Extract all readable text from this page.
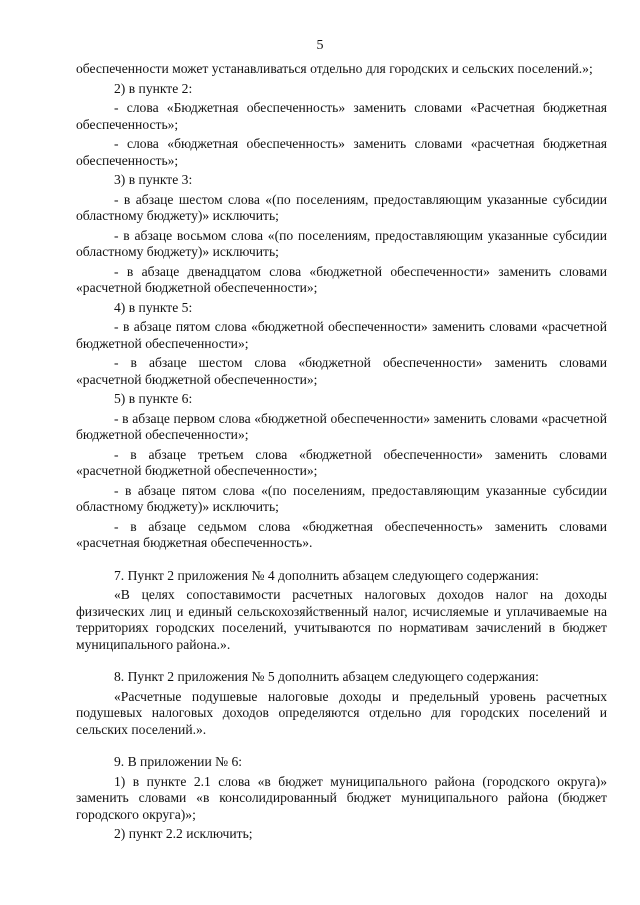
5

обеспеченности может устанавливаться отдельно для городских и сельских поселений.»;

2) в пункте 2:

- слова «Бюджетная обеспеченность» заменить словами «Расчетная бюджетная обеспеченность»;

- слова «бюджетная обеспеченность» заменить словами «расчетная бюджетная обеспеченность»;

3) в пункте 3:

- в абзаце шестом слова «(по поселениям, предоставляющим указанные субсидии областному бюджету)» исключить;

- в абзаце восьмом слова «(по поселениям, предоставляющим указанные субсидии областному бюджету)» исключить;

- в абзаце двенадцатом слова «бюджетной обеспеченности» заменить словами «расчетной бюджетной обеспеченности»;

4) в пункте 5:

- в абзаце пятом слова «бюджетной обеспеченности» заменить словами «расчетной бюджетной обеспеченности»;

- в абзаце шестом слова «бюджетной обеспеченности» заменить словами «расчетной бюджетной обеспеченности»;

5) в пункте 6:

- в абзаце первом слова «бюджетной обеспеченности» заменить словами «расчетной бюджетной обеспеченности»;

- в абзаце третьем слова «бюджетной обеспеченности» заменить словами «расчетной бюджетной обеспеченности»;

- в абзаце пятом слова «(по поселениям, предоставляющим указанные субсидии областному бюджету)» исключить;

- в абзаце седьмом слова «бюджетная обеспеченность» заменить словами «расчетная бюджетная обеспеченность».

7. Пункт 2 приложения № 4 дополнить абзацем следующего содержания:

«В целях сопоставимости расчетных налоговых доходов налог на доходы физических лиц и единый сельскохозяйственный налог, исчисляемые и уплачиваемые на территориях городских поселений, учитываются по нормативам зачислений в бюджет муниципального района.».

8. Пункт 2 приложения № 5 дополнить абзацем следующего содержания:

«Расчетные подушевые налоговые доходы и предельный уровень расчетных подушевых налоговых доходов определяются отдельно для городских поселений и сельских поселений.».

9. В приложении № 6:

1) в пункте 2.1 слова «в бюджет муниципального района (городского округа)» заменить словами «в консолидированный бюджет муниципального района (бюджет городского округа)»;

2) пункт 2.2 исключить;
